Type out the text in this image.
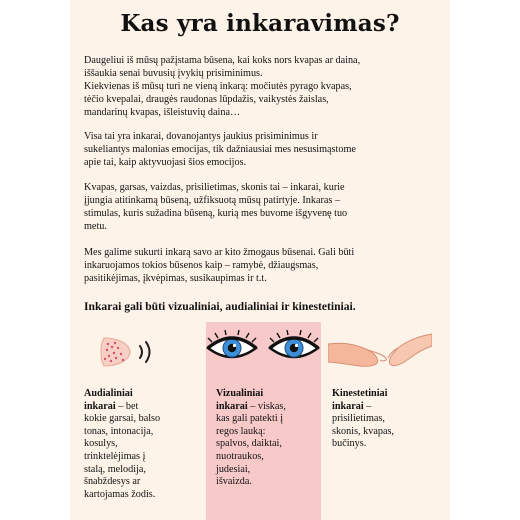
Kas yra inkaravimas?

Daugeliui iš mūsų pažįstama būsena, kai koks nors kvapas ar daina,
iššaukia senai buvusių įvykių prisiminimus.
Kiekvienas iš mūsų turi ne vieną inkarą: močiutės pyrago kvapas,
tėčio kvepalai, draugės raudonas lūpdažis, vaikystės žaislas,
mandarinų kvapas, išleistuvių daina…

Visa tai yra inkarai, dovanojantys jaukius prisiminimus ir
sukeliantys malonias emocijas, tik dažniausiai mes nesusimąstome
apie tai, kaip aktyvuojasi šios emocijos.

Kvapas, garsas, vaizdas, prisilietimas, skonis tai – inkarai, kurie
įjungia atitinkamą būseną, užfiksuotą mūsų patirtyje. Inkaras –
stimulas, kuris sužadina būseną, kurią mes buvome išgyvenę tuo
metu.

Mes galime sukurti inkarą savo ar kito žmogaus būsenai. Gali būti
inkaruojamos tokios būsenos kaip – ramybė, džiaugsmas,
pasitikėjimas, įkvėpimas, susikaupimas ir t.t.

Inkarai gali būti vizualiniai, audialiniai ir kinestetiniai.

Audialiniai
inkarai – bet
kokie garsai, balso
tonas, intonacija,
kosulys,
trinktelėjimas į
stalą, melodija,
šnabždesys ar
kartojamas žodis.
Vizualiniai
inkarai – viskas,
kas gali patekti į
regos lauką:
spalvos, daiktai,
nuotraukos,
judesiai,
išvaizda.
Kinestetiniai
inkarai –
prisilietimas,
skonis, kvapas,
bučinys.
